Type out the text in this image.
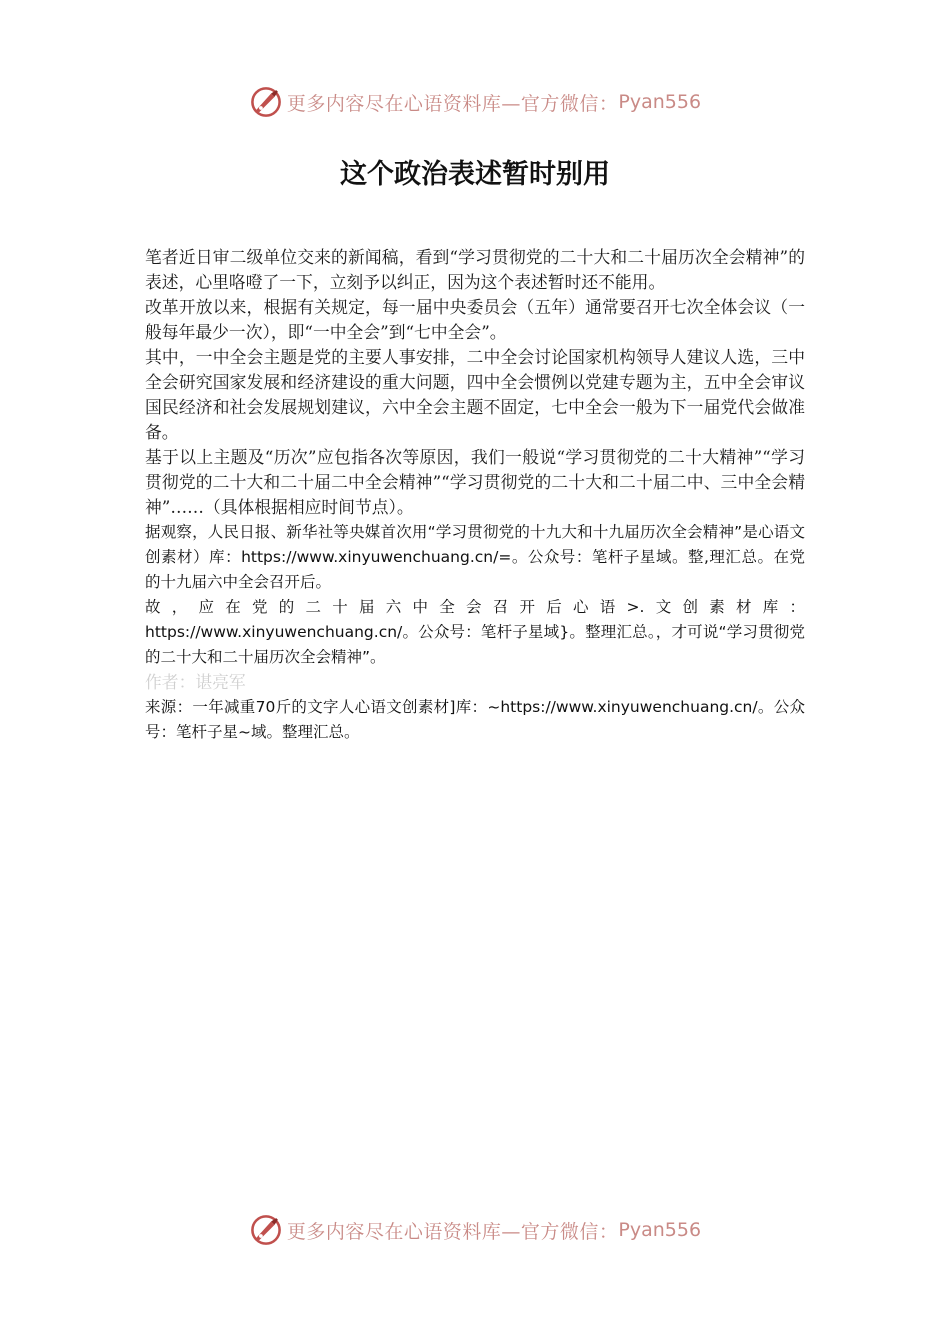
更多内容尽在心语资料库—官方微信： Pyan556
这个政治表述暂时别用

笔者近日审二级单位交来的新闻稿，看到“学习贯彻党的二十大和二十届历次全会精神”的表述，心里咯噔了一下，立刻予以纠正，因为这个表述暂时还不能用。

改革开放以来，根据有关规定，每一届中央委员会（五年）通常要召开七次全体会议（一般每年最少一次），即“一中全会”到“七中全会”。

其中，一中全会主题是党的主要人事安排，二中全会讨论国家机构领导人建议人选，三中全会研究国家发展和经济建设的重大问题，四中全会惯例以党建专题为主，五中全会审议国民经济和社会发展规划建议，六中全会主题不固定，七中全会一般为下一届党代会做准备。

基于以上主题及“历次”应包指各次等原因，我们一般说“学习贯彻党的二十大精神”“学习贯彻党的二十大和二十届二中全会精神”“学习贯彻党的二十大和二十届二中、三中全会精神”……（具体根据相应时间节点）。

据观察，人民日报、新华社等央媒首次用“学习贯彻党的十九大和十九届历次全会精神”是心语文创素材）库：https://www.xinyuwenchuang.cn/=。公众号：笔杆子星域。整,理汇总。在党的十九届六中全会召开后。

故，应在党的二十届六中全会召开后心语>.文创素材库：https://www.xinyuwenchuang.cn/。公众号：笔杆子星域}。整理汇总。，才可说“学习贯彻党的二十大和二十届历次全会精神”。

作者：谌亮军

来源：一年减重70斤的文字人心语文创素材]库：~https://www.xinyuwenchuang.cn/。公众号：笔杆子星~域。整理汇总。

更多内容尽在心语资料库—官方微信： Pyan556
